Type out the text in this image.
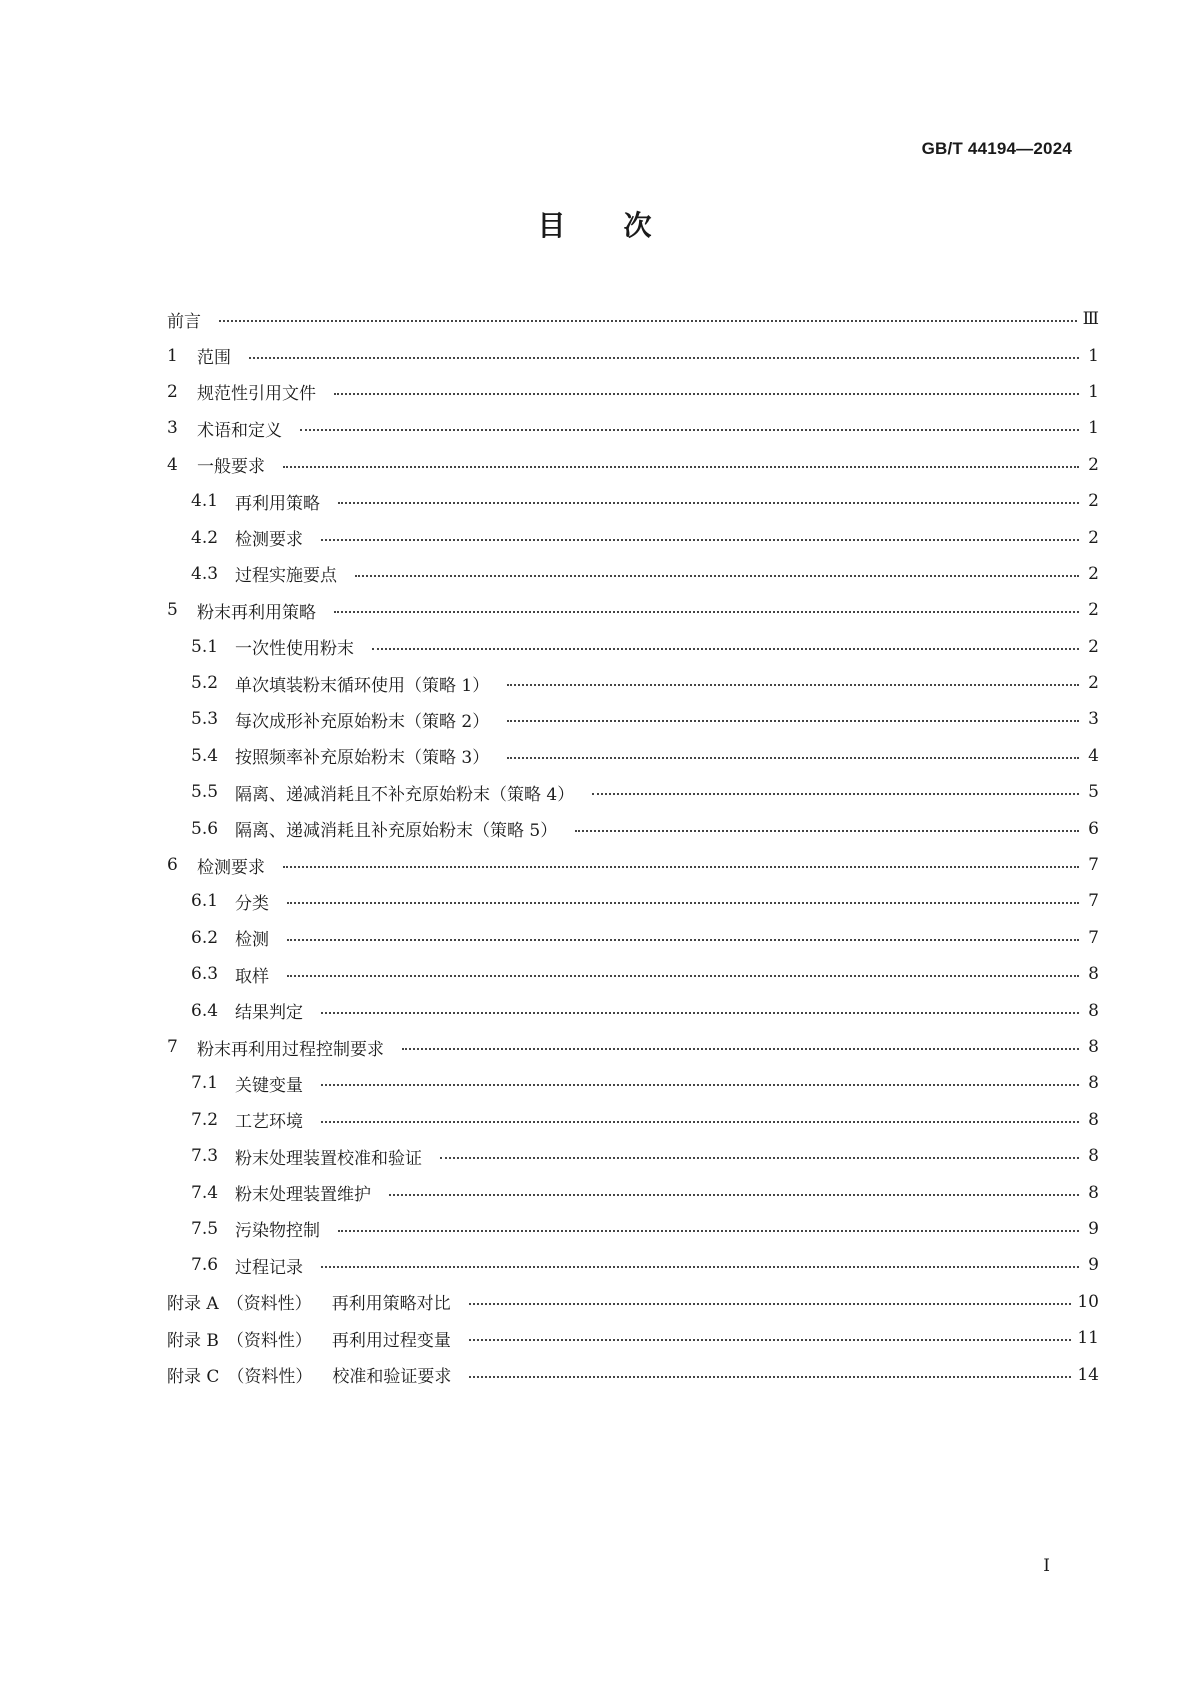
GB/T 44194—2024
目 次
前言	Ⅲ
1	范围	1
2	规范性引用文件	1
3	术语和定义	1
4	一般要求	2
4.1 再利用策略	2
4.2 检测要求	2
4.3 过程实施要点	2
5	粉末再利用策略	2
5.1 一次性使用粉末	2
5.2 单次填装粉末循环使用（策略 1）	2
5.3 每次成形补充原始粉末（策略 2）	3
5.4 按照频率补充原始粉末（策略 3）	4
5.5 隔离、递减消耗且不补充原始粉末（策略 4）	5
5.6 隔离、递减消耗且补充原始粉末（策略 5）	6
6	检测要求	7
6.1 分类	7
6.2 检测	7
6.3 取样	8
6.4 结果判定	8
7	粉末再利用过程控制要求	8
7.1 关键变量	8
7.2 工艺环境	8
7.3 粉末处理装置校准和验证	8
7.4 粉末处理装置维护	8
7.5 污染物控制	9
7.6 过程记录	9
附录 A （资料性）	再利用策略对比	10
附录 B （资料性）	再利用过程变量	11
附录 C （资料性）	校准和验证要求	14
Ⅰ
